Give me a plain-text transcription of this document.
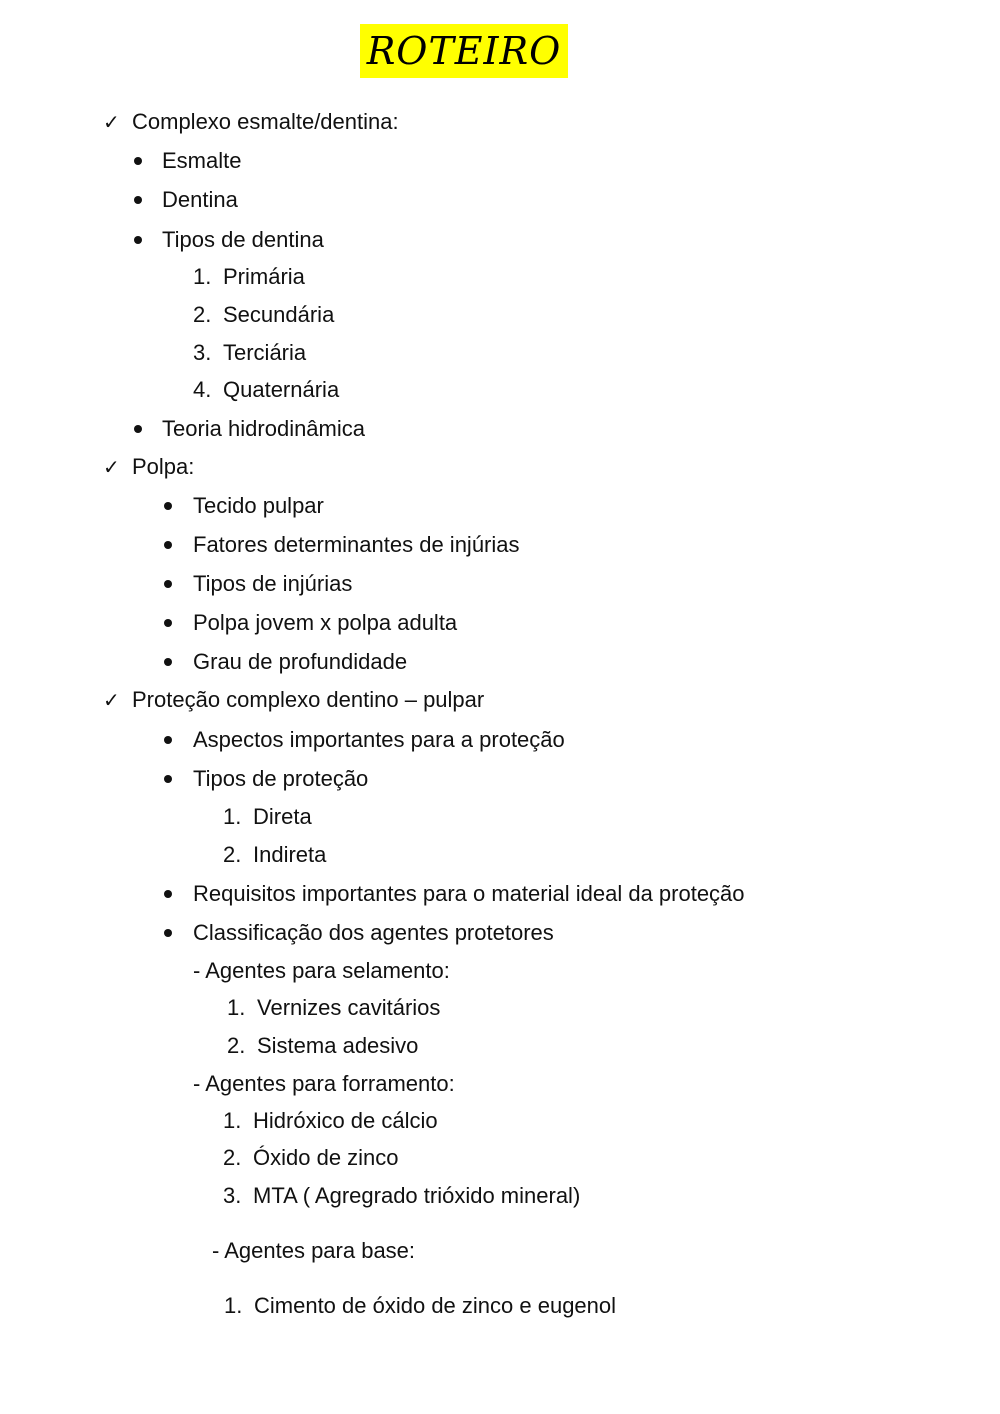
ROTEIRO
✓ Complexo esmalte/dentina:
Esmalte
Dentina
Tipos de dentina
1. Primária
2. Secundária
3. Terciária
4. Quaternária
Teoria hidrodinâmica
✓ Polpa:
Tecido pulpar
Fatores determinantes de injúrias
Tipos de injúrias
Polpa jovem x polpa adulta
Grau de profundidade
✓ Proteção complexo dentino – pulpar
Aspectos importantes para a proteção
Tipos de proteção
1. Direta
2. Indireta
Requisitos importantes para o material ideal da proteção
Classificação dos agentes protetores
- Agentes para selamento:
1. Vernizes cavitários
2. Sistema adesivo
- Agentes para forramento:
1. Hidróxico de cálcio
2. Óxido de zinco
3. MTA ( Agregrado trióxido mineral)
- Agentes para base:
1. Cimento de óxido de zinco e eugenol
